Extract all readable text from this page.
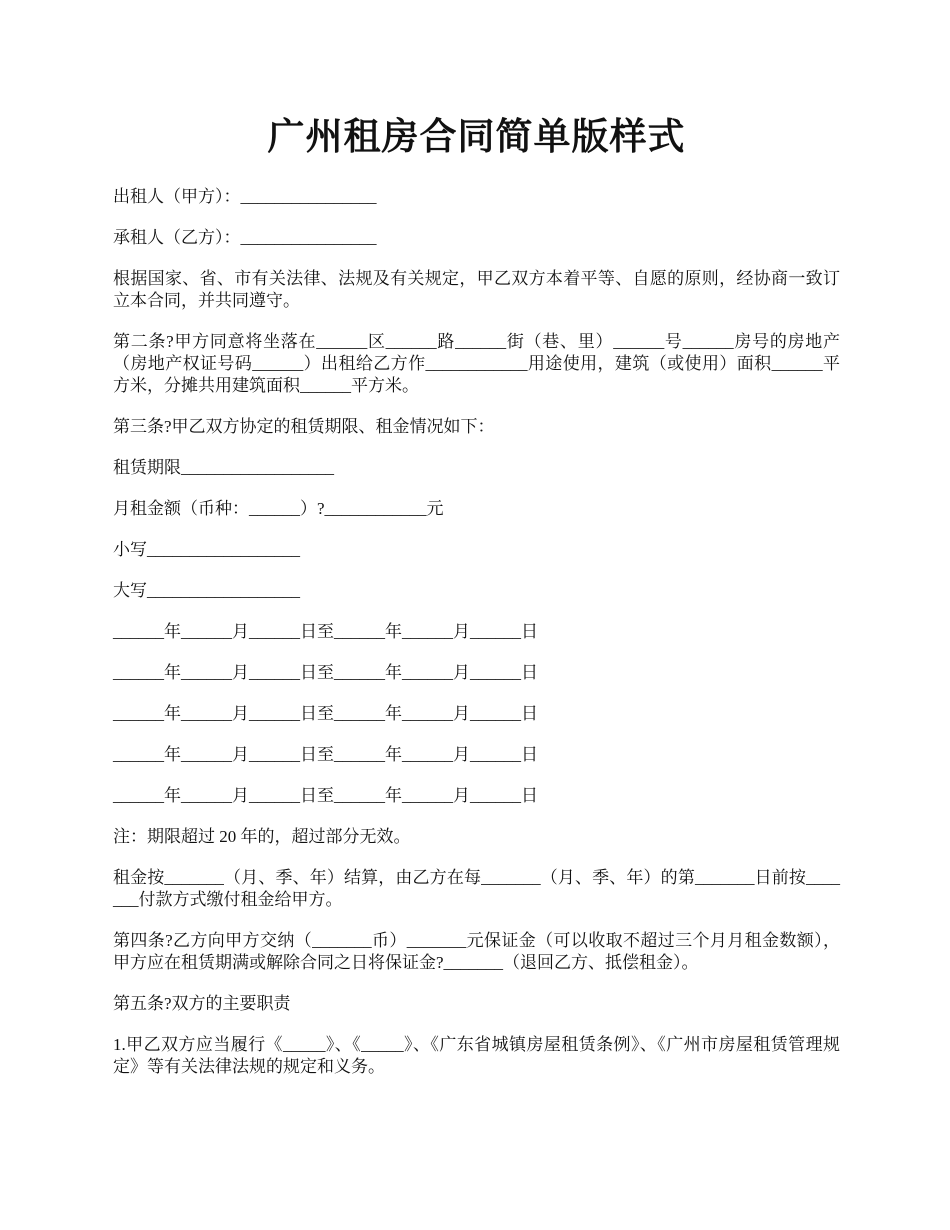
广州租房合同简单版样式

出租人（甲方）：________________

承租人（乙方）：________________

根据国家、省、市有关法律、法规及有关规定，甲乙双方本着平等、自愿的原则，经协商一致订立本合同，并共同遵守。

第二条?甲方同意将坐落在______区______路______街（巷、里）______号______房号的房地产（房地产权证号码______）出租给乙方作____________用途使用，建筑（或使用）面积______平方米，分摊共用建筑面积______平方米。

第三条?甲乙双方协定的租赁期限、租金情况如下：

租赁期限__________________

月租金额（币种：______）?____________元

小写__________________

大写__________________

______年______月______日至______年______月______日

______年______月______日至______年______月______日

______年______月______日至______年______月______日

______年______月______日至______年______月______日

______年______月______日至______年______月______日

注：期限超过 20 年的，超过部分无效。

租金按_______（月、季、年）结算，由乙方在每_______（月、季、年）的第_______日前按_______付款方式缴付租金给甲方。

第四条?乙方向甲方交纳（_______币）_______元保证金（可以收取不超过三个月月租金数额），甲方应在租赁期满或解除合同之日将保证金?_______（退回乙方、抵偿租金）。

第五条?双方的主要职责

1.甲乙双方应当履行《_____》、《_____》、《广东省城镇房屋租赁条例》、《广州市房屋租赁管理规定》等有关法律法规的规定和义务。
